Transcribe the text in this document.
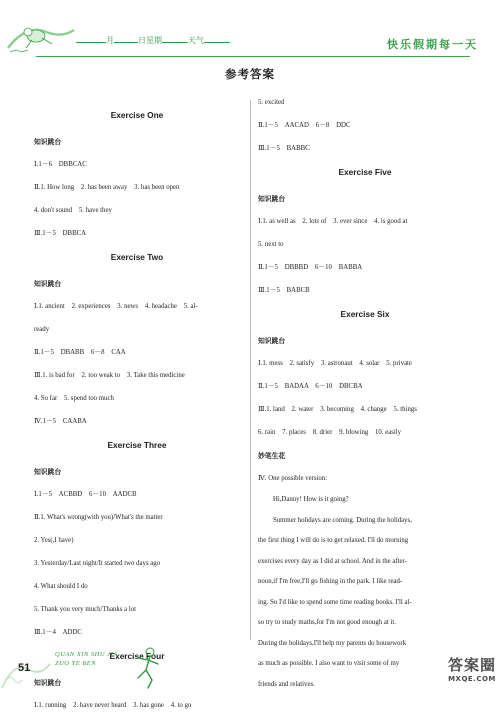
月	日星期	天气	快乐假期每一天
参考答案
Exercise One
知识跳台
Ⅰ.1－6　DBBCAC
Ⅱ.1. How long　2. has been away　3. has been open
4. don't sound　5. have they
Ⅲ.1－5　DBBCA
Exercise Two
知识跳台
Ⅰ.1. ancient　2. experiences　3. news　4. headache　5. al-
ready
Ⅱ.1－5　DBABB　6－8　CAA
Ⅲ.1. is bad for　2. too weak to　3. Take this medicine
4. So far　5. spend too much
Ⅳ.1－5　CAABA
Exercise Three
知识跳台
Ⅰ.1－5　ACBBD　6－10　AADCB
Ⅱ.1. What's wrong(with you)/What's the matter
2. Yes(,I have)
3. Yesterday/Last night/It started two days ago
4. What should I do
5. Thank you very much/Thanks a lot
Ⅲ.1－4　ADDC
Exercise Four
知识跳台
Ⅰ.1. running　2. have never heard　3. has gone　4. to go
5. excited
Ⅱ.1－5　AACAD　6－8　DDC
Ⅲ.1－5　BABBC
Exercise Five
知识跳台
Ⅰ.1. as well as　2. lots of　3. ever since　4. is good at
5. next to
Ⅱ.1－5　DBBBD　6－10　BABBA
Ⅲ.1－5　BABCB
Exercise Six
知识跳台
Ⅰ.1. mess　2. satisfy　3. astronaut　4. solar　5. private
Ⅱ.1－5　BADAA　6－10　DBCBA
Ⅲ.1. land　2. water　3. becoming　4. change　5. things
6. rain　7. places　8. drier　9. blowing　10. easily
妙笔生花
Ⅳ. One possible version:
Hi,Danny! How is it going?
Summer holidays are coming. During the holidays,
the first thing I will do is to get relaxed. I'll do morning
exercises every day as I did at school. And in the after-
noon,if I'm free,I'll go fishing in the park. I like read-
ing. So I'd like to spend some time reading books. I'll al-
so try to study maths,for I'm not good enough at it.
During the holidays,I'll help my parents do housework
as much as possible. I also want to visit some of my
friends and relatives.
51
QUAN XIN SHU JIA
ZUO YE BEN	答案圈
MXQE.COM
